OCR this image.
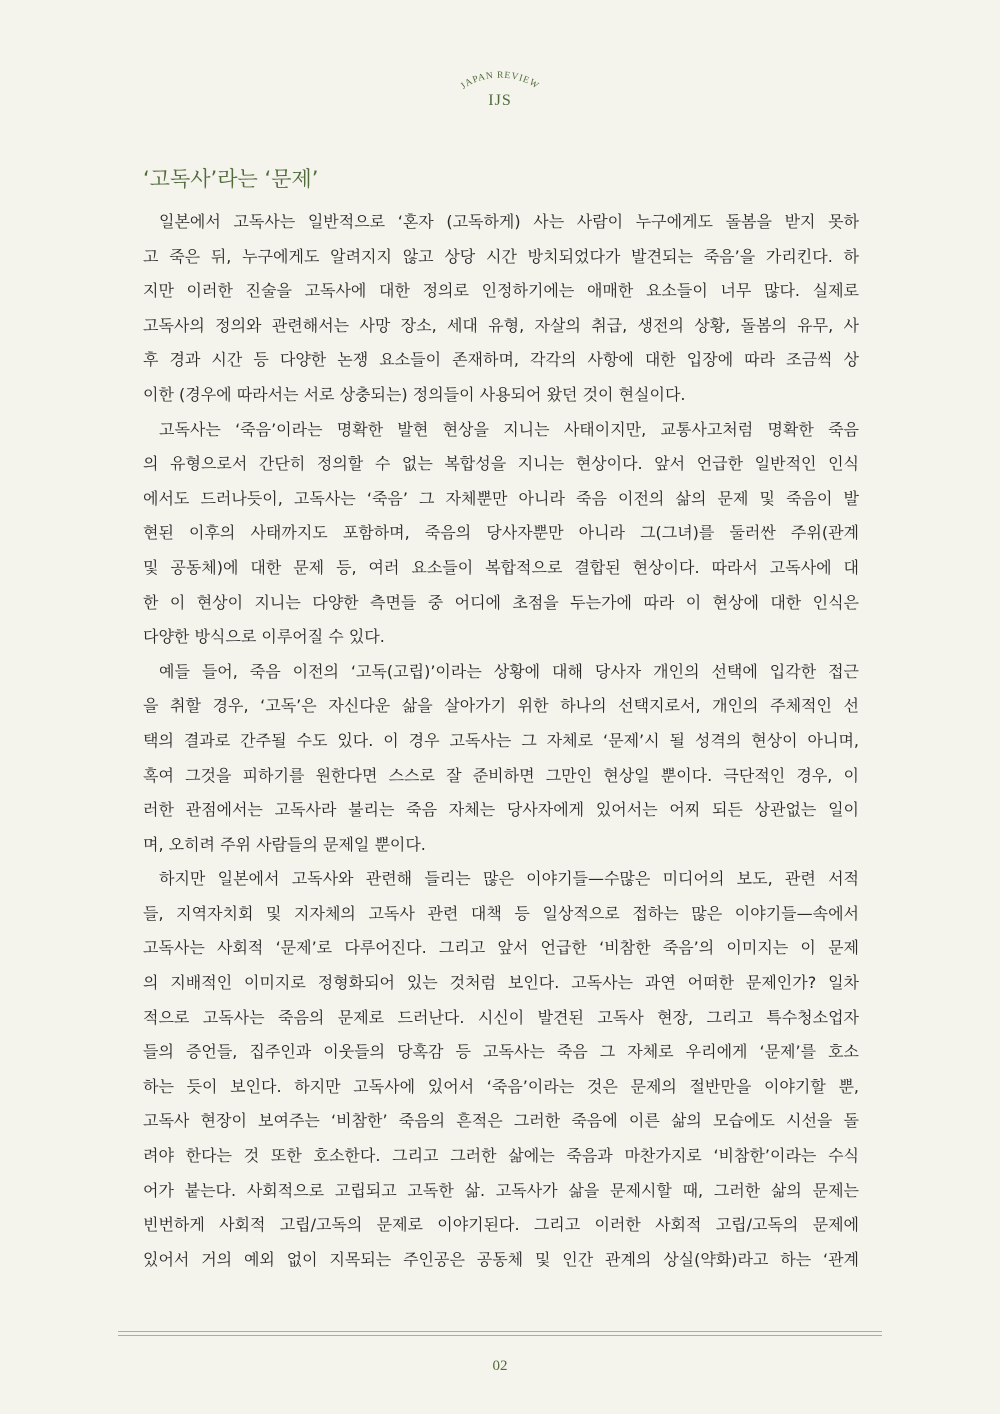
JAPAN REVIEW
IJS
‘고독사’라는 ‘문제’
일본에서 고독사는 일반적으로 ‘혼자 (고독하게) 사는 사람이 누구에게도 돌봄을 받지 못하
고 죽은 뒤, 누구에게도 알려지지 않고 상당 시간 방치되었다가 발견되는 죽음’을 가리킨다. 하
지만 이러한 진술을 고독사에 대한 정의로 인정하기에는 애매한 요소들이 너무 많다. 실제로
고독사의 정의와 관련해서는 사망 장소, 세대 유형, 자살의 취급, 생전의 상황, 돌봄의 유무, 사
후 경과 시간 등 다양한 논쟁 요소들이 존재하며, 각각의 사항에 대한 입장에 따라 조금씩 상
이한 (경우에 따라서는 서로 상충되는) 정의들이 사용되어 왔던 것이 현실이다.
고독사는 ‘죽음’이라는 명확한 발현 현상을 지니는 사태이지만, 교통사고처럼 명확한 죽음
의 유형으로서 간단히 정의할 수 없는 복합성을 지니는 현상이다. 앞서 언급한 일반적인 인식
에서도 드러나듯이, 고독사는 ‘죽음’ 그 자체뿐만 아니라 죽음 이전의 삶의 문제 및 죽음이 발
현된 이후의 사태까지도 포함하며, 죽음의 당사자뿐만 아니라 그(그녀)를 둘러싼 주위(관계
및 공동체)에 대한 문제 등, 여러 요소들이 복합적으로 결합된 현상이다. 따라서 고독사에 대
한 이 현상이 지니는 다양한 측면들 중 어디에 초점을 두는가에 따라 이 현상에 대한 인식은
다양한 방식으로 이루어질 수 있다.
예들 들어, 죽음 이전의 ‘고독(고립)’이라는 상황에 대해 당사자 개인의 선택에 입각한 접근
을 취할 경우, ‘고독’은 자신다운 삶을 살아가기 위한 하나의 선택지로서, 개인의 주체적인 선
택의 결과로 간주될 수도 있다. 이 경우 고독사는 그 자체로 ‘문제’시 될 성격의 현상이 아니며,
혹여 그것을 피하기를 원한다면 스스로 잘 준비하면 그만인 현상일 뿐이다. 극단적인 경우, 이
러한 관점에서는 고독사라 불리는 죽음 자체는 당사자에게 있어서는 어찌 되든 상관없는 일이
며, 오히려 주위 사람들의 문제일 뿐이다.
하지만 일본에서 고독사와 관련해 들리는 많은 이야기들—수많은 미디어의 보도, 관련 서적
들, 지역자치회 및 지자체의 고독사 관련 대책 등 일상적으로 접하는 많은 이야기들—속에서
고독사는 사회적 ‘문제’로 다루어진다. 그리고 앞서 언급한 ‘비참한 죽음’의 이미지는 이 문제
의 지배적인 이미지로 정형화되어 있는 것처럼 보인다. 고독사는 과연 어떠한 문제인가? 일차
적으로 고독사는 죽음의 문제로 드러난다. 시신이 발견된 고독사 현장, 그리고 특수청소업자
들의 증언들, 집주인과 이웃들의 당혹감 등 고독사는 죽음 그 자체로 우리에게 ‘문제’를 호소
하는 듯이 보인다. 하지만 고독사에 있어서 ‘죽음’이라는 것은 문제의 절반만을 이야기할 뿐,
고독사 현장이 보여주는 ‘비참한’ 죽음의 흔적은 그러한 죽음에 이른 삶의 모습에도 시선을 돌
려야 한다는 것 또한 호소한다. 그리고 그러한 삶에는 죽음과 마찬가지로 ‘비참한’이라는 수식
어가 붙는다. 사회적으로 고립되고 고독한 삶. 고독사가 삶을 문제시할 때, 그러한 삶의 문제는
빈번하게 사회적 고립/고독의 문제로 이야기된다. 그리고 이러한 사회적 고립/고독의 문제에
있어서 거의 예외 없이 지목되는 주인공은 공동체 및 인간 관계의 상실(약화)라고 하는 ‘관계
02
